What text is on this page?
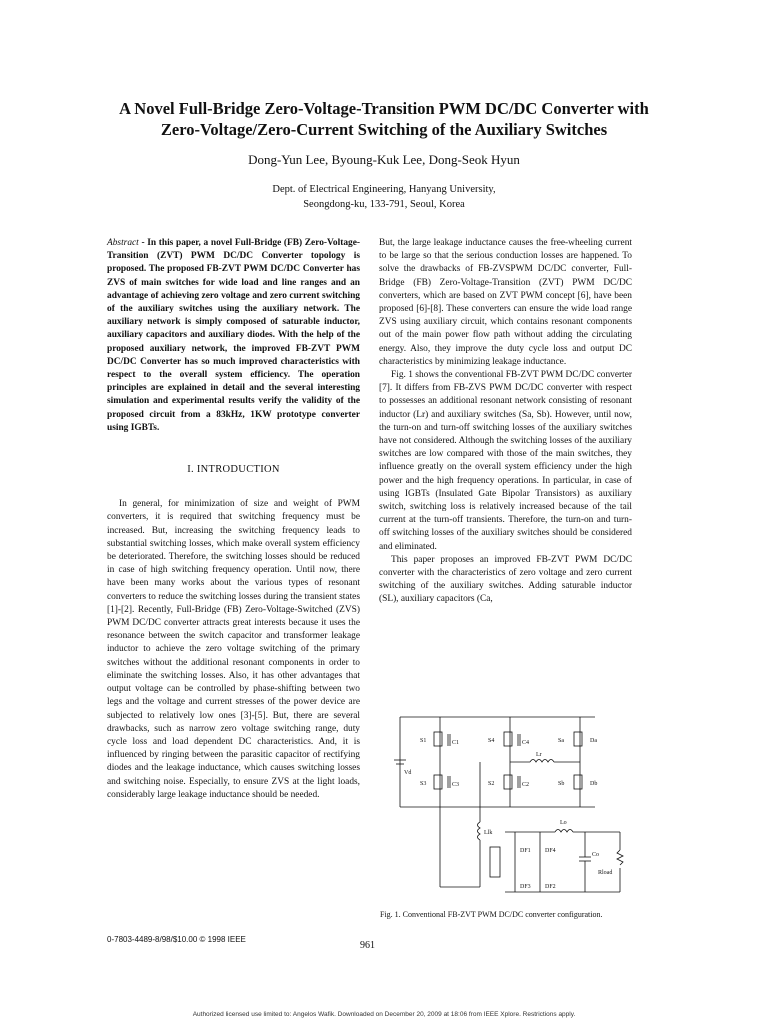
A Novel Full-Bridge Zero-Voltage-Transition PWM DC/DC Converter with
Zero-Voltage/Zero-Current Switching of the Auxiliary Switches
Dong-Yun Lee, Byoung-Kuk Lee, Dong-Seok Hyun
Dept. of Electrical Engineering, Hanyang University,
Seongdong-ku, 133-791, Seoul, Korea

Abstract - In this paper, a novel Full-Bridge (FB) Zero-Voltage-Transition (ZVT) PWM DC/DC Converter topology is proposed. The proposed FB-ZVT PWM DC/DC Converter has ZVS of main switches for wide load and line ranges and an advantage of achieving zero voltage and zero current switching of the auxiliary switches using the auxiliary network. The auxiliary network is simply composed of saturable inductor, auxiliary capacitors and auxiliary diodes. With the help of the proposed auxiliary network, the improved FB-ZVT PWM DC/DC Converter has so much improved characteristics with respect to the overall system efficiency. The operation principles are explained in detail and the several interesting simulation and experimental results verify the validity of the proposed circuit from a 83kHz, 1KW prototype converter using IGBTs.

I. INTRODUCTION

In general, for minimization of size and weight of PWM converters, it is required that switching frequency must be increased. But, increasing the switching frequency leads to substantial switching losses, which make overall system efficiency be deteriorated. Therefore, the switching losses should be reduced in case of high switching frequency operation. Until now, there have been many works about the various types of resonant converters to reduce the switching losses during the transient states [1]-[2]. Recently, Full-Bridge (FB) Zero-Voltage-Switched (ZVS) PWM DC/DC converter attracts great interests because it uses the resonance between the switch capacitor and transformer leakage inductor to achieve the zero voltage switching of the primary switches without the additional resonant components in order to eliminate the switching losses. Also, it has other advantages that output voltage can be controlled by phase-shifting between two legs and the voltage and current stresses of the power device are subjected to relatively low ones [3]-[5]. But, there are several drawbacks, such as narrow zero voltage switching range, duty cycle loss and load dependent DC characteristics. And, it is influenced by ringing between the parasitic capacitor of rectifying diodes and the leakage inductance, which causes switching losses and switching noise. Especially, to ensure ZVS at the light loads, considerably large leakage inductance should be needed.

But, the large leakage inductance causes the free-wheeling current to be large so that the serious conduction losses are happened. To solve the drawbacks of FB-ZVSPWM DC/DC converter, Full-Bridge (FB) Zero-Voltage-Transition (ZVT) PWM DC/DC converters, which are based on ZVT PWM concept [6], have been proposed [6]-[8]. These converters can ensure the wide load range ZVS using auxiliary circuit, which contains resonant components out of the main power flow path without adding the circulating energy. Also, they improve the duty cycle loss and output DC characteristics by minimizing leakage inductance.

Fig. 1 shows the conventional FB-ZVT PWM DC/DC converter [7]. It differs from FB-ZVS PWM DC/DC converter with respect to possesses an additional resonant network consisting of resonant inductor (Lr) and auxiliary switches (Sa, Sb). However, until now, the turn-on and turn-off switching losses of the auxiliary switches have not considered. Although the switching losses of the auxiliary switches are low compared with those of the main switches, they influence greatly on the overall system efficiency under the high power and the high frequency operations. In particular, in case of using IGBTs (Insulated Gate Bipolar Transistors) as auxiliary switch, switching loss is relatively increased because of the tail current at the turn-off transients. Therefore, the turn-on and turn-off switching losses of the auxiliary switches should be considered and eliminated.

This paper proposes an improved FB-ZVT PWM DC/DC converter with the characteristics of zero voltage and zero current switching of the auxiliary switches. Adding saturable inductor (SL), auxiliary capacitors (Ca,

Vd
S1	C1
S3	C3
S4	C4
S2	C2
Lr
Sa	Da
Sb	Db
Llk
DF1 DF4
DF3 DF2
Lo
Co
Rload
Fig. 1. Conventional FB-ZVT PWM DC/DC converter configuration.
0-7803-4489-8/98/$10.00 © 1998 IEEE
961
Authorized licensed use limited to: Angelos Wafik. Downloaded on December 20, 2009 at 18:06 from IEEE Xplore. Restrictions apply.
